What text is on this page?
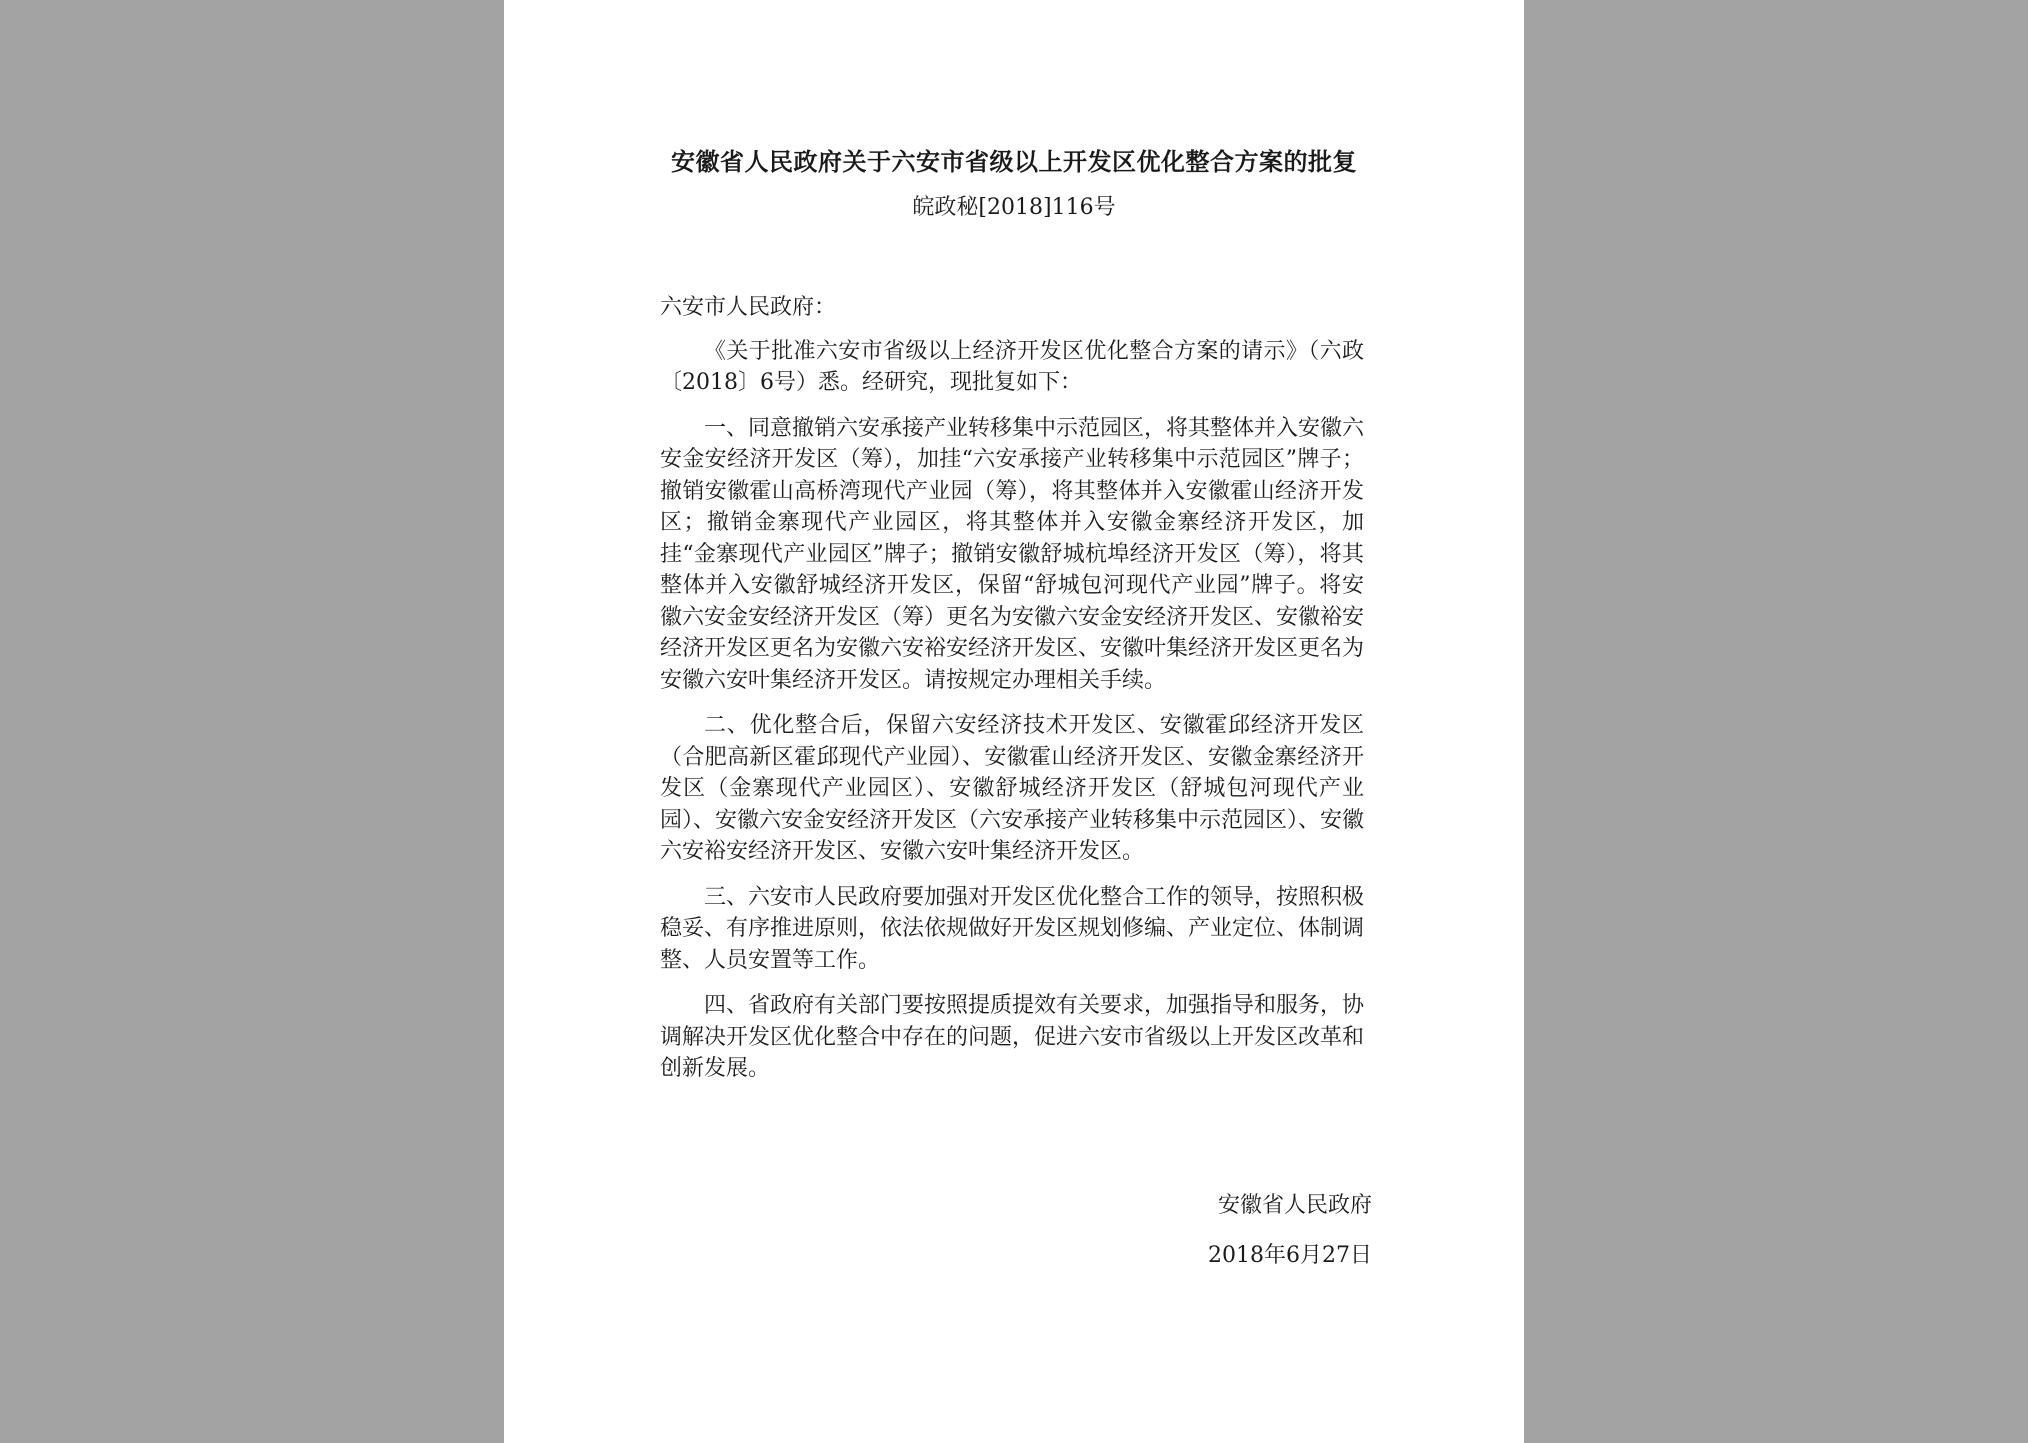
安徽省人民政府关于六安市省级以上开发区优化整合方案的批复
皖政秘[2018]116号

六安市人民政府：

《关于批准六安市省级以上经济开发区优化整合方案的请示》（六政〔2018〕6号）悉。经研究，现批复如下：

一、同意撤销六安承接产业转移集中示范园区，将其整体并入安徽六安金安经济开发区（筹），加挂“六安承接产业转移集中示范园区”牌子；撤销安徽霍山高桥湾现代产业园（筹），将其整体并入安徽霍山经济开发区；撤销金寨现代产业园区，将其整体并入安徽金寨经济开发区，加挂“金寨现代产业园区”牌子；撤销安徽舒城杭埠经济开发区（筹），将其整体并入安徽舒城经济开发区，保留“舒城包河现代产业园”牌子。将安徽六安金安经济开发区（筹）更名为安徽六安金安经济开发区、安徽裕安经济开发区更名为安徽六安裕安经济开发区、安徽叶集经济开发区更名为安徽六安叶集经济开发区。请按规定办理相关手续。

二、优化整合后，保留六安经济技术开发区、安徽霍邱经济开发区（合肥高新区霍邱现代产业园）、安徽霍山经济开发区、安徽金寨经济开发区（金寨现代产业园区）、安徽舒城经济开发区（舒城包河现代产业园）、安徽六安金安经济开发区（六安承接产业转移集中示范园区）、安徽六安裕安经济开发区、安徽六安叶集经济开发区。

三、六安市人民政府要加强对开发区优化整合工作的领导，按照积极稳妥、有序推进原则，依法依规做好开发区规划修编、产业定位、体制调整、人员安置等工作。

四、省政府有关部门要按照提质提效有关要求，加强指导和服务，协调解决开发区优化整合中存在的问题，促进六安市省级以上开发区改革和创新发展。

安徽省人民政府
2018年6月27日
